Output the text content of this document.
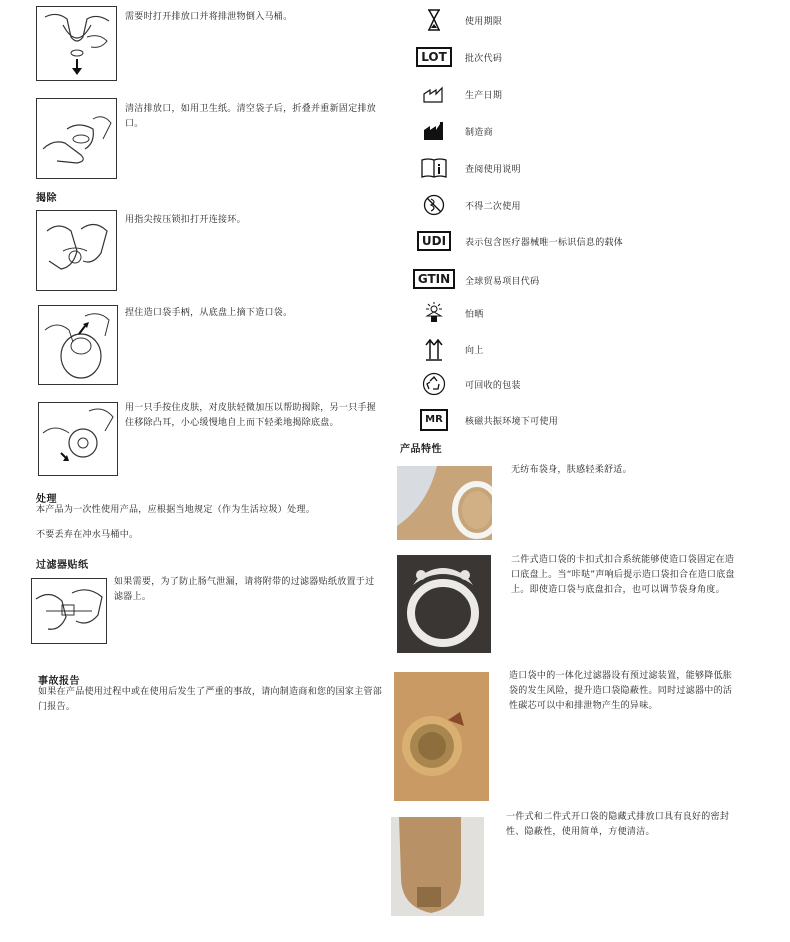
需要时打开排放口并将排泄物倒入马桶。
清洁排放口，如用卫生纸。清空袋子后，折叠并重新固定排放口。
揭除
用指尖按压锁扣打开连接环。
捏住造口袋手柄，从底盘上摘下造口袋。
用一只手按住皮肤，对皮肤轻微加压以帮助揭除，另一只手握住移除凸耳，小心缓慢地自上而下轻柔地揭除底盘。
处理
本产品为一次性使用产品，应根据当地规定（作为生活垃圾）处理。
不要丢弃在冲水马桶中。
过滤器贴纸
如果需要，为了防止肠气泄漏，请将附带的过滤器贴纸放置于过滤器上。
事故报告
如果在产品使用过程中或在使用后发生了严重的事故，请向制造商和您的国家主管部门报告。
使用期限
LOT	批次代码
生产日期
制造商
查阅使用说明
不得二次使用
UDI	表示包含医疗器械唯一标识信息的载体
GTIN	全球贸易项目代码
怕晒
向上
可回收的包装
MR	核磁共振环境下可使用
产品特性
无纺布袋身，肤感轻柔舒适。
二件式造口袋的卡扣式扣合系统能够使造口袋固定在造口底盘上。当“咔哒”声响后提示造口袋扣合在造口底盘上。即使造口袋与底盘扣合，也可以调节袋身角度。
造口袋中的一体化过滤器设有预过滤装置，能够降低胀袋的发生风险，提升造口袋隐蔽性。同时过滤器中的活性碳芯可以中和排泄物产生的异味。
一件式和二件式开口袋的隐藏式排放口具有良好的密封性、隐蔽性，使用简单，方便清洁。
